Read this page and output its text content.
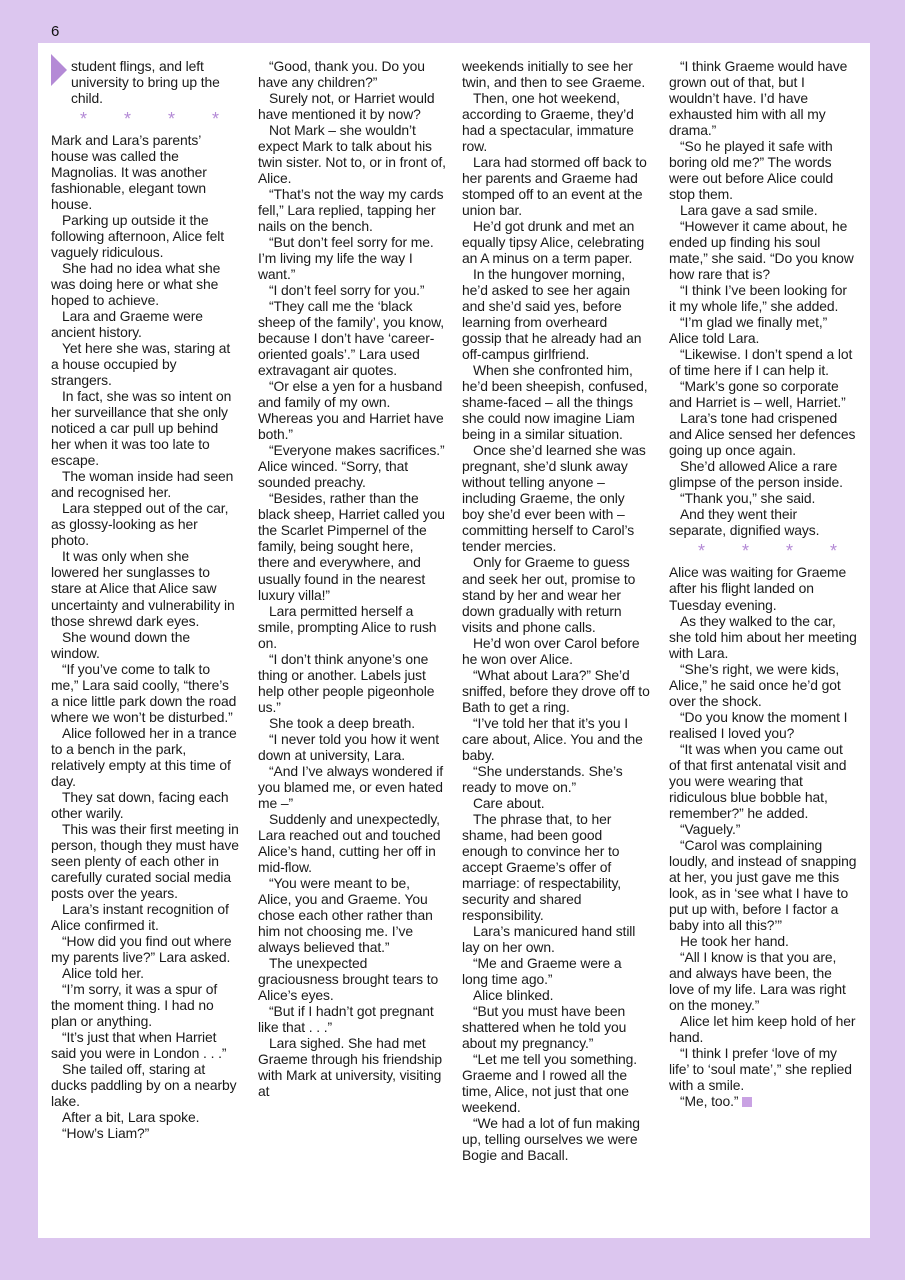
6

student flings, and left university to bring up the child.

* * * *

Mark and Lara’s parents’ house was called the Magnolias. It was another fashionable, elegant town house.

Parking up outside it the following afternoon, Alice felt vaguely ridiculous.

She had no idea what she was doing here or what she hoped to achieve.

Lara and Graeme were ancient history.

Yet here she was, staring at a house occupied by strangers.

In fact, she was so intent on her surveillance that she only noticed a car pull up behind her when it was too late to escape.

The woman inside had seen and recognised her.

Lara stepped out of the car, as glossy-looking as her photo.

It was only when she lowered her sunglasses to stare at Alice that Alice saw uncertainty and vulnerability in those shrewd dark eyes.

She wound down the window.

“If you’ve come to talk to me,” Lara said coolly, “there’s a nice little park down the road where we won’t be disturbed.”

Alice followed her in a trance to a bench in the park, relatively empty at this time of day.

They sat down, facing each other warily.

This was their first meeting in person, though they must have seen plenty of each other in carefully curated social media posts over the years.

Lara’s instant recognition of Alice confirmed it.

“How did you find out where my parents live?” Lara asked.

Alice told her.

“I’m sorry, it was a spur of the moment thing. I had no plan or anything.

“It’s just that when Harriet said you were in London . . .”

She tailed off, staring at ducks paddling by on a nearby lake.

After a bit, Lara spoke.

“How’s Liam?”

“Good, thank you. Do you have any children?”

Surely not, or Harriet would have mentioned it by now?

Not Mark – she wouldn’t expect Mark to talk about his twin sister. Not to, or in front of, Alice.

“That’s not the way my cards fell,” Lara replied, tapping her nails on the bench.

“But don’t feel sorry for me. I’m living my life the way I want.”

“I don’t feel sorry for you.”

“They call me the ‘black sheep of the family’, you know, because I don’t have ‘career-oriented goals’.” Lara used extravagant air quotes.

“Or else a yen for a husband and family of my own. Whereas you and Harriet have both.”

“Everyone makes sacrifices.” Alice winced. “Sorry, that sounded preachy.

“Besides, rather than the black sheep, Harriet called you the Scarlet Pimpernel of the family, being sought here, there and everywhere, and usually found in the nearest luxury villa!”

Lara permitted herself a smile, prompting Alice to rush on.

“I don’t think anyone’s one thing or another. Labels just help other people pigeonhole us.”

She took a deep breath.

“I never told you how it went down at university, Lara.

“And I’ve always wondered if you blamed me, or even hated me –”

Suddenly and unexpectedly, Lara reached out and touched Alice’s hand, cutting her off in mid-flow.

“You were meant to be, Alice, you and Graeme. You chose each other rather than him not choosing me. I’ve always believed that.”

The unexpected graciousness brought tears to Alice’s eyes.

“But if I hadn’t got pregnant like that . . .”

Lara sighed. She had met Graeme through his friendship with Mark at university, visiting at

weekends initially to see her twin, and then to see Graeme.

Then, one hot weekend, according to Graeme, they’d had a spectacular, immature row.

Lara had stormed off back to her parents and Graeme had stomped off to an event at the union bar.

He’d got drunk and met an equally tipsy Alice, celebrating an A minus on a term paper.

In the hungover morning, he’d asked to see her again and she’d said yes, before learning from overheard gossip that he already had an off-campus girlfriend.

When she confronted him, he’d been sheepish, confused, shame-faced – all the things she could now imagine Liam being in a similar situation.

Once she’d learned she was pregnant, she’d slunk away without telling anyone – including Graeme, the only boy she’d ever been with – committing herself to Carol’s tender mercies.

Only for Graeme to guess and seek her out, promise to stand by her and wear her down gradually with return visits and phone calls.

He’d won over Carol before he won over Alice.

“What about Lara?” She’d sniffed, before they drove off to Bath to get a ring.

“I’ve told her that it’s you I care about, Alice. You and the baby.

“She understands. She’s ready to move on.”

Care about.

The phrase that, to her shame, had been good enough to convince her to accept Graeme’s offer of marriage: of respectability, security and shared responsibility.

Lara’s manicured hand still lay on her own.

“Me and Graeme were a long time ago.”

Alice blinked.

“But you must have been shattered when he told you about my pregnancy.”

“Let me tell you something. Graeme and I rowed all the time, Alice, not just that one weekend.

“We had a lot of fun making up, telling ourselves we were Bogie and Bacall.

“I think Graeme would have grown out of that, but I wouldn’t have. I’d have exhausted him with all my drama.”

“So he played it safe with boring old me?” The words were out before Alice could stop them.

Lara gave a sad smile.

“However it came about, he ended up finding his soul mate,” she said. “Do you know how rare that is?

“I think I’ve been looking for it my whole life,” she added.

“I’m glad we finally met,” Alice told Lara.

“Likewise. I don’t spend a lot of time here if I can help it.

“Mark’s gone so corporate and Harriet is – well, Harriet.”

Lara’s tone had crispened and Alice sensed her defences going up once again.

She’d allowed Alice a rare glimpse of the person inside.

“Thank you,” she said.

And they went their separate, dignified ways.

* * * *

Alice was waiting for Graeme after his flight landed on Tuesday evening.

As they walked to the car, she told him about her meeting with Lara.

“She’s right, we were kids, Alice,” he said once he’d got over the shock.

“Do you know the moment I realised I loved you?

“It was when you came out of that first antenatal visit and you were wearing that ridiculous blue bobble hat, remember?” he added.

“Vaguely.”

“Carol was complaining loudly, and instead of snapping at her, you just gave me this look, as in ‘see what I have to put up with, before I factor a baby into all this?’”

He took her hand.

“All I know is that you are, and always have been, the love of my life. Lara was right on the money.”

Alice let him keep hold of her hand.

“I think I prefer ‘love of my life’ to ‘soul mate’,” she replied with a smile.

“Me, too.”
